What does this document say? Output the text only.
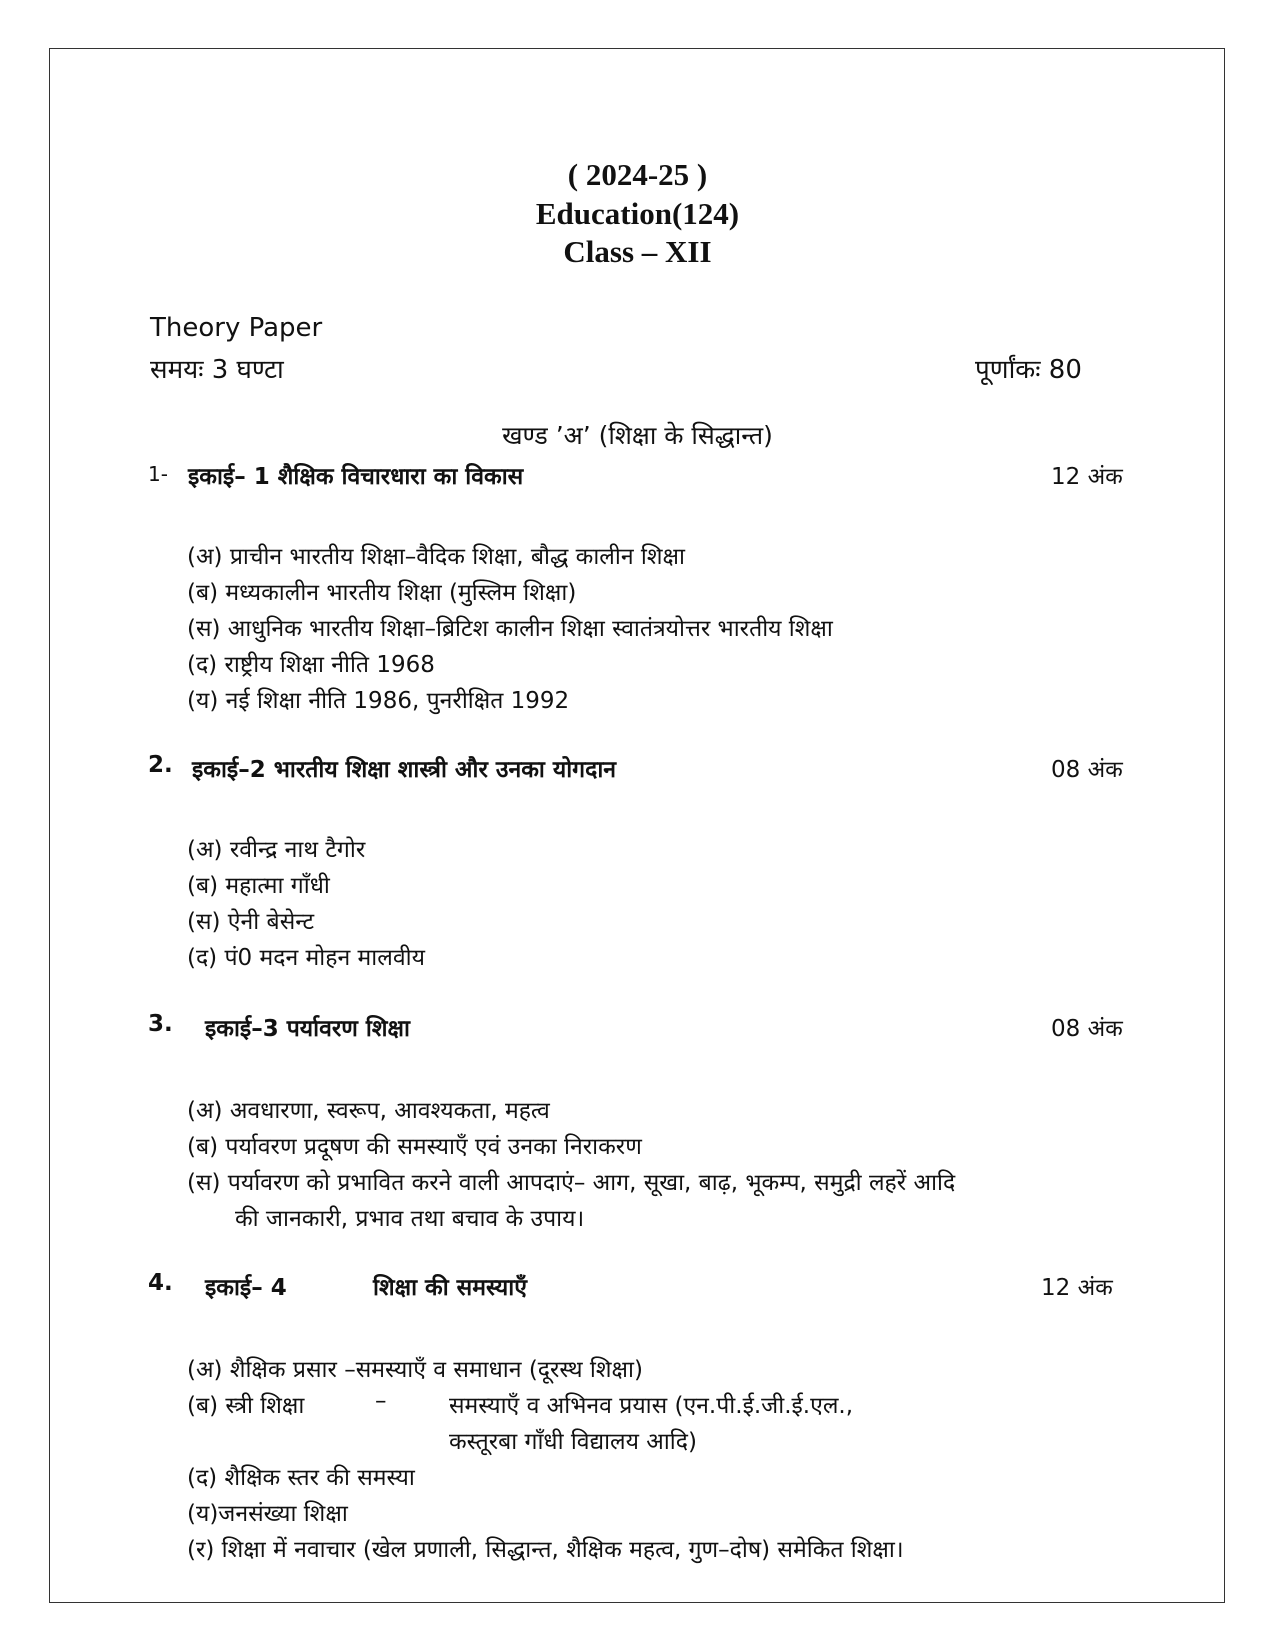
( 2024-25 )
Education(124)
Class – XII
Theory Paper
समयः 3 घण्टा	पूर्णांकः 80
खण्ड ’अ’ (शिक्षा के सिद्धान्त)
1- इकाई– 1 शैक्षिक विचारधारा का विकास	12 अंक
(अ) प्राचीन भारतीय शिक्षा–वैदिक शिक्षा, बौद्ध कालीन शिक्षा
(ब) मध्यकालीन भारतीय शिक्षा (मुस्लिम शिक्षा)
(स) आधुनिक भारतीय शिक्षा–ब्रिटिश कालीन शिक्षा स्वातंत्रयोत्तर भारतीय शिक्षा
(द) राष्ट्रीय शिक्षा नीति 1968
(य) नई शिक्षा नीति 1986, पुनरीक्षित 1992
2. इकाई–2 भारतीय शिक्षा शास्त्री और उनका योगदान	08 अंक
(अ) रवीन्द्र नाथ टैगोर
(ब) महात्मा गाँधी
(स) ऐनी बेसेन्ट
(द) पं0 मदन मोहन मालवीय
3. इकाई–3 पर्यावरण शिक्षा	08 अंक
(अ) अवधारणा, स्वरूप, आवश्यकता, महत्व
(ब) पर्यावरण प्रदूषण की समस्याएँ एवं उनका निराकरण
(स) पर्यावरण को प्रभावित करने वाली आपदाएं– आग, सूखा, बाढ़, भूकम्प, समुद्री लहरें आदि
की जानकारी, प्रभाव तथा बचाव के उपाय।
4. इकाई– 4	शिक्षा की समस्याएँ	12 अंक
(अ) शैक्षिक प्रसार –समस्याएँ व समाधान (दूरस्थ शिक्षा)
(ब) स्त्री शिक्षा	–	समस्याएँ व अभिनव प्रयास (एन.पी.ई.जी.ई.एल.,
कस्तूरबा गाँधी विद्यालय आदि)
(द) शैक्षिक स्तर की समस्या
(य)जनसंख्या शिक्षा
(र) शिक्षा में नवाचार (खेल प्रणाली, सिद्धान्त, शैक्षिक महत्व, गुण–दोष) समेकित शिक्षा।
